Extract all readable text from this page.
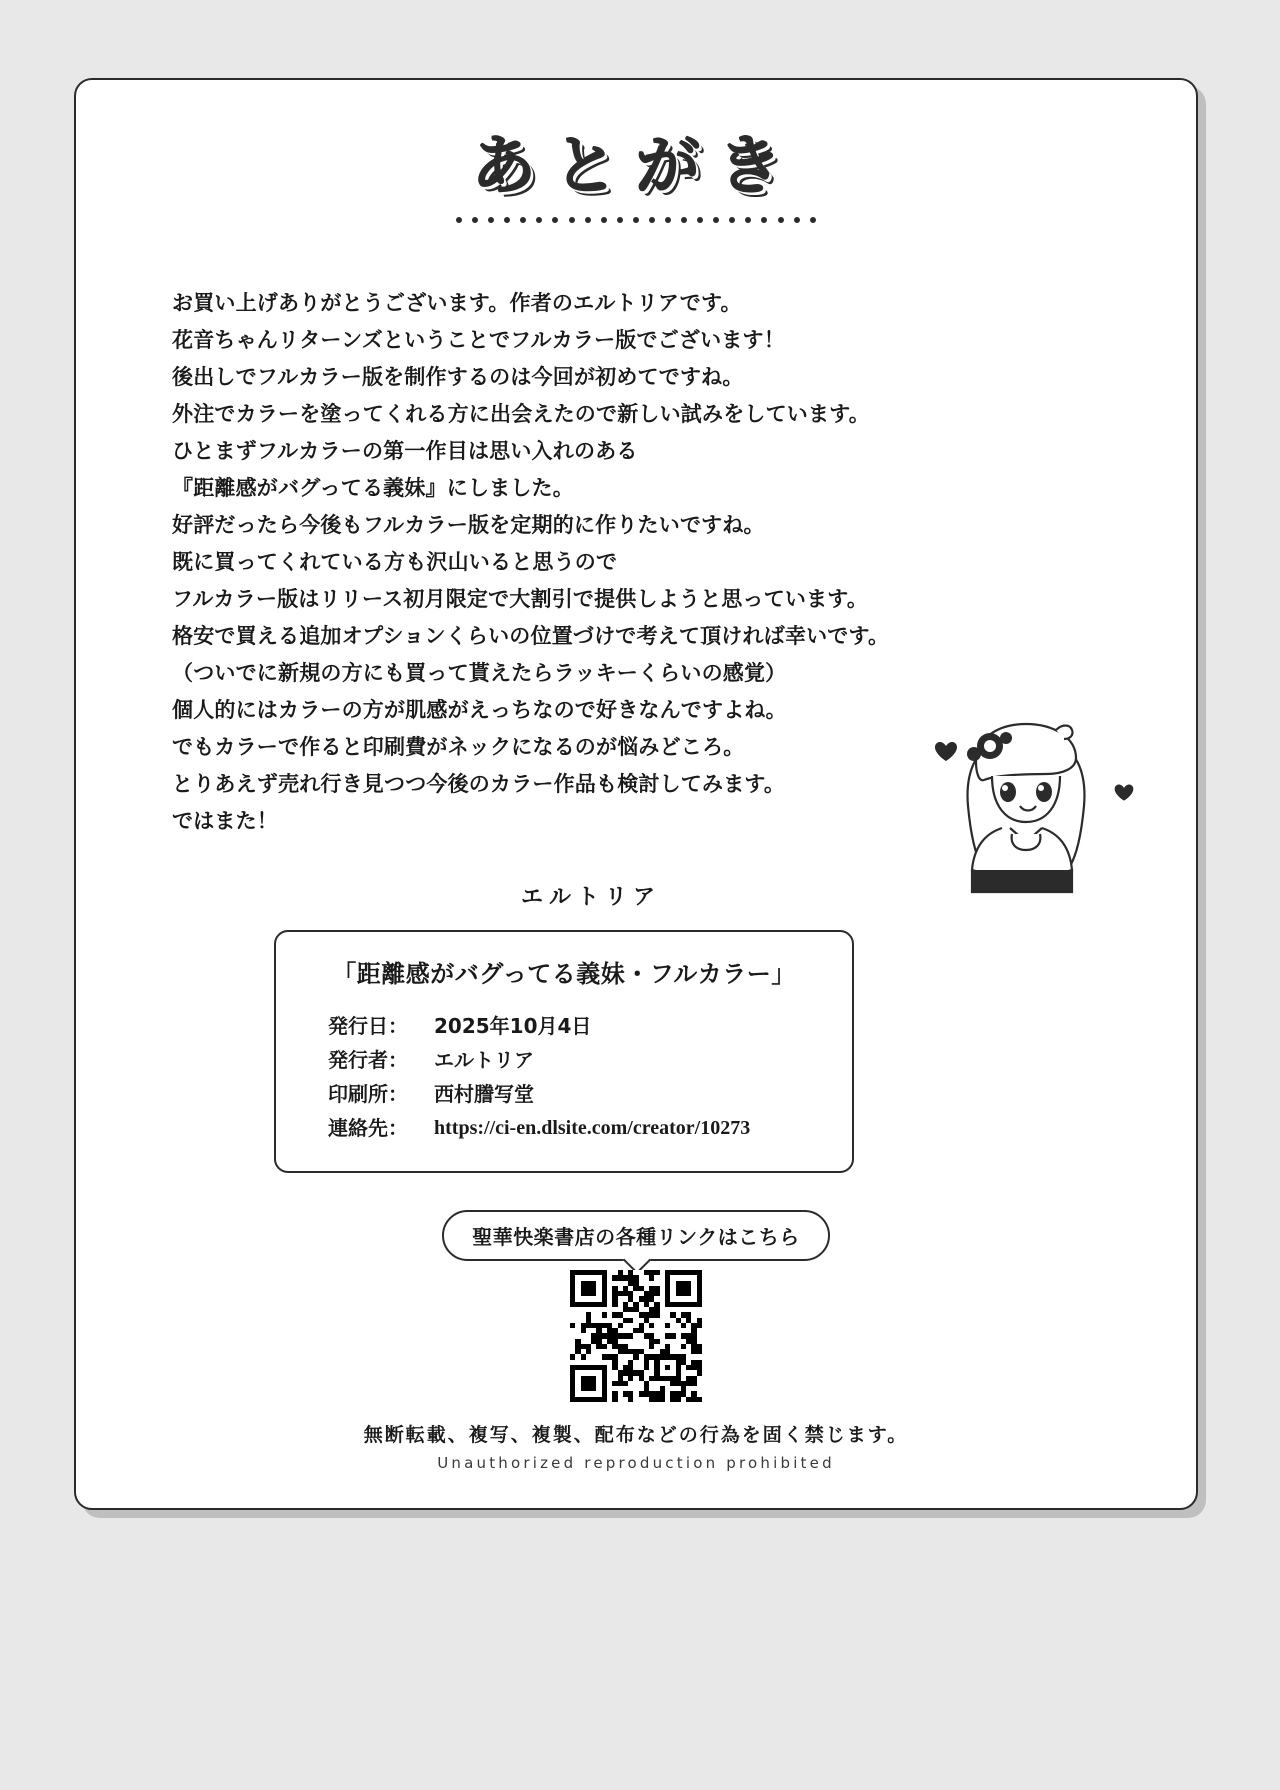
あとがき

お買い上げありがとうございます。作者のエルトリアです。

花音ちゃんリターンズということでフルカラー版でございます！

後出しでフルカラー版を制作するのは今回が初めてですね。

外注でカラーを塗ってくれる方に出会えたので新しい試みをしています。

ひとまずフルカラーの第一作目は思い入れのある

『距離感がバグってる義妹』にしました。

好評だったら今後もフルカラー版を定期的に作りたいですね。

既に買ってくれている方も沢山いると思うので

フルカラー版はリリース初月限定で大割引で提供しようと思っています。

格安で買える追加オプションくらいの位置づけで考えて頂ければ幸いです。

（ついでに新規の方にも買って貰えたらラッキーくらいの感覚）

個人的にはカラーの方が肌感がえっちなので好きなんですよね。

でもカラーで作ると印刷費がネックになるのが悩みどころ。

とりあえず売れ行き見つつ今後のカラー作品も検討してみます。

ではまた！

エルトリア
「距離感がバグってる義妹・フルカラー」
発行日：	2025年10月4日
発行者：	エルトリア
印刷所：	西村謄写堂
連絡先：	https://ci-en.dlsite.com/creator/10273
聖華快楽書店の各種リンクはこちら
無断転載、複写、複製、配布などの行為を固く禁じます。
Unauthorized reproduction prohibited
